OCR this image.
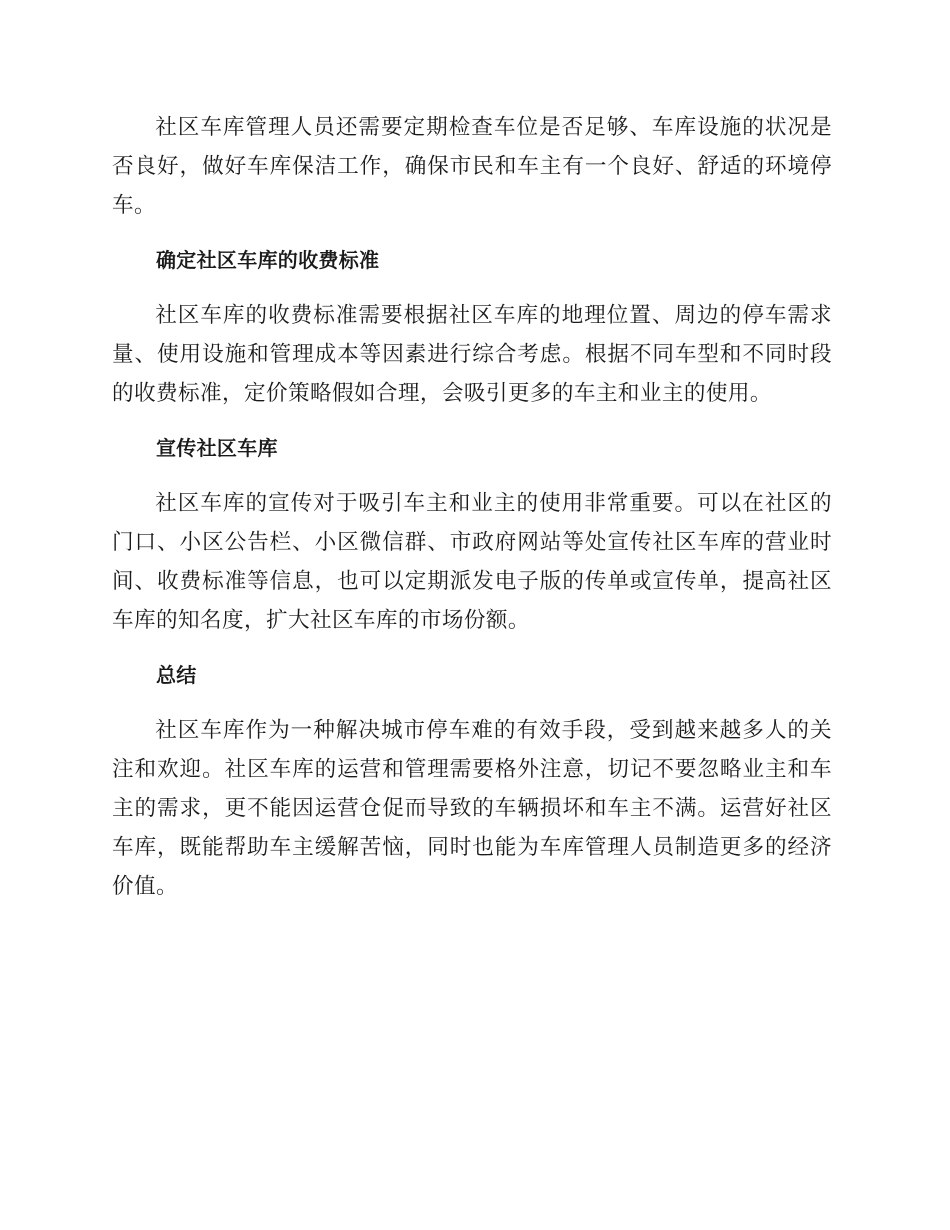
社区车库管理人员还需要定期检查车位是否足够、车库设施的状况是否良好，做好车库保洁工作，确保市民和车主有一个良好、舒适的环境停车。

确定社区车库的收费标准

社区车库的收费标准需要根据社区车库的地理位置、周边的停车需求量、使用设施和管理成本等因素进行综合考虑。根据不同车型和不同时段的收费标准，定价策略假如合理，会吸引更多的车主和业主的使用。

宣传社区车库

社区车库的宣传对于吸引车主和业主的使用非常重要。可以在社区的门口、小区公告栏、小区微信群、市政府网站等处宣传社区车库的营业时间、收费标准等信息，也可以定期派发电子版的传单或宣传单，提高社区车库的知名度，扩大社区车库的市场份额。

总结

社区车库作为一种解决城市停车难的有效手段，受到越来越多人的关注和欢迎。社区车库的运营和管理需要格外注意，切记不要忽略业主和车主的需求，更不能因运营仓促而导致的车辆损坏和车主不满。运营好社区车库，既能帮助车主缓解苦恼，同时也能为车库管理人员制造更多的经济价值。
